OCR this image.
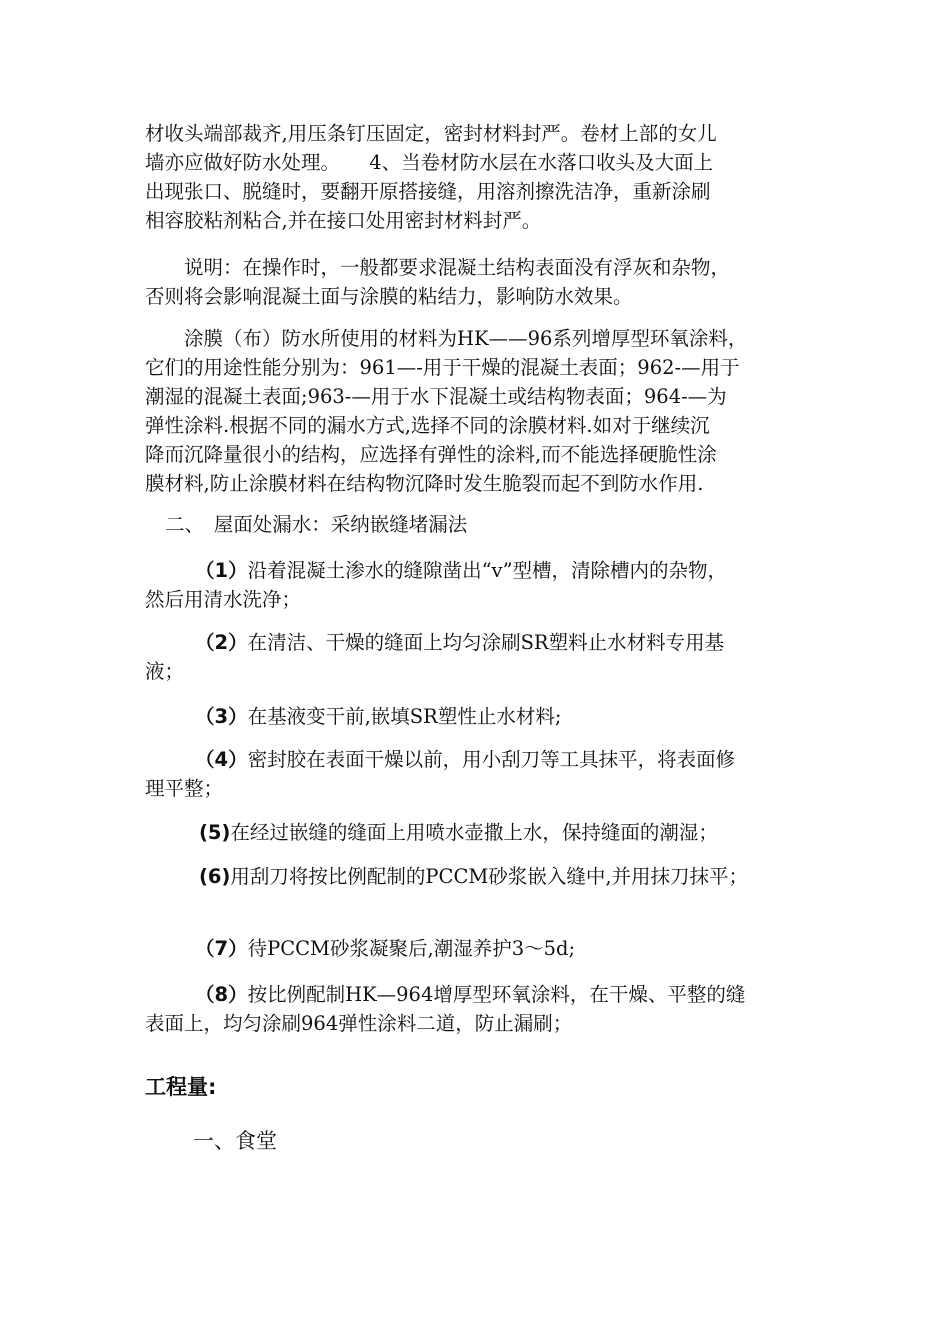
材收头端部裁齐,用压条钉压固定，密封材料封严。卷材上部的女儿
墙亦应做好防水处理。　　4、当卷材防水层在水落口收头及大面上
出现张口、脱缝时，要翻开原搭接缝，用溶剂擦洗洁净，重新涂刷
相容胶粘剂粘合,并在接口处用密封材料封严。
　　说明：在操作时，一般都要求混凝土结构表面没有浮灰和杂物，
否则将会影响混凝土面与涂膜的粘结力，影响防水效果。
　　涂膜（布）防水所使用的材料为HK——96系列增厚型环氧涂料，
它们的用途性能分别为：961—-用于干燥的混凝土表面；962-—用于
潮湿的混凝土表面;963-—用于水下混凝土或结构物表面；964-—为
弹性涂料.根据不同的漏水方式,选择不同的涂膜材料.如对于继续沉
降而沉降量很小的结构，应选择有弹性的涂料,而不能选择硬脆性涂
膜材料,防止涂膜材料在结构物沉降时发生脆裂而起不到防水作用.
二、　屋面处漏水：采纳嵌缝堵漏法
（1）沿着混凝土渗水的缝隙凿出“v”型槽，清除槽内的杂物，
然后用清水洗净；
（2）在清洁、干燥的缝面上均匀涂刷SR塑料止水材料专用基
液；
（3）在基液变干前,嵌填SR塑性止水材料;
（4）密封胶在表面干燥以前，用小刮刀等工具抹平，将表面修
理平整；
(5)在经过嵌缝的缝面上用喷水壶撒上水，保持缝面的潮湿；
(6)用刮刀将按比例配制的PCCM砂浆嵌入缝中,并用抹刀抹平；
（7）待PCCM砂浆凝聚后,潮湿养护3～5d;
（8）按比例配制HK—964增厚型环氧涂料，在干燥、平整的缝
表面上，均匀涂刷964弹性涂料二道，防止漏刷；
工程量:
一、食堂
